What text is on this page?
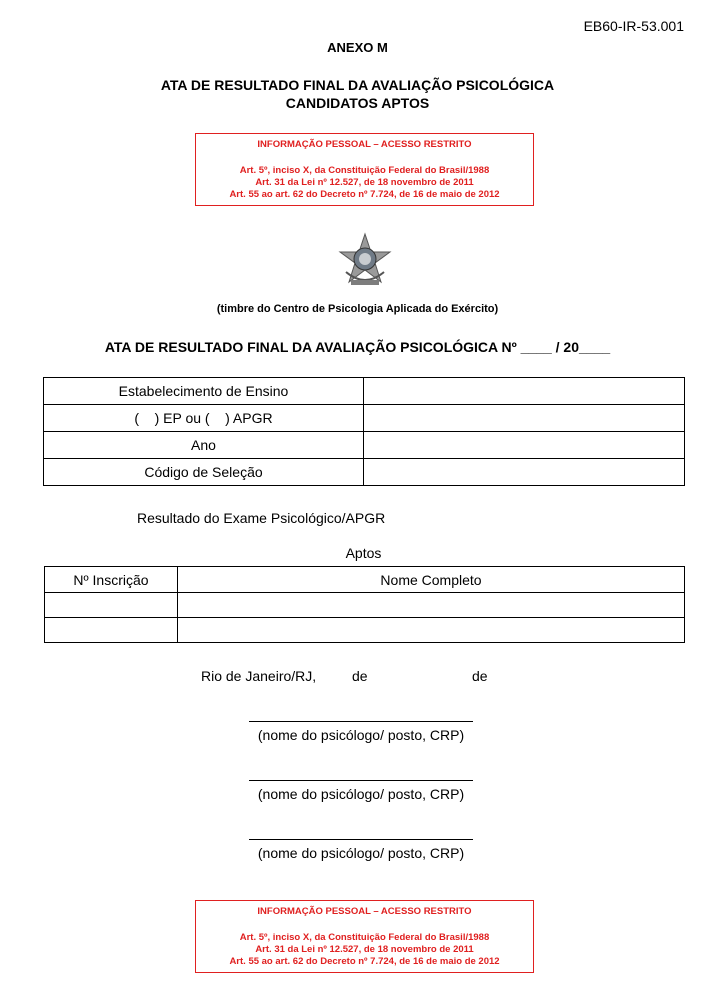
EB60-IR-53.001
ANEXO M
ATA DE RESULTADO FINAL DA AVALIAÇÃO PSICOLÓGICA
CANDIDATOS APTOS
INFORMAÇÃO PESSOAL – ACESSO RESTRITO
Art. 5º, inciso X, da Constituição Federal do Brasil/1988
Art. 31 da Lei nº 12.527, de 18 novembro de 2011
Art. 55 ao art. 62 do Decreto nº 7.724, de 16 de maio de 2012
(timbre do Centro de Psicologia Aplicada do Exército)
ATA DE RESULTADO FINAL DA AVALIAÇÃO PSICOLÓGICA Nº ____ / 20____
Estabelecimento de Ensino	
(    ) EP ou (    ) APGR	
Ano	
Código de Seleção	
Resultado do Exame Psicológico/APGR
Aptos
Nº Inscrição	Nome Completo

Rio de Janeiro/RJ,	de	de
(nome do psicólogo/ posto, CRP)
(nome do psicólogo/ posto, CRP)
(nome do psicólogo/ posto, CRP)
INFORMAÇÃO PESSOAL – ACESSO RESTRITO
Art. 5º, inciso X, da Constituição Federal do Brasil/1988
Art. 31 da Lei nº 12.527, de 18 novembro de 2011
Art. 55 ao art. 62 do Decreto nº 7.724, de 16 de maio de 2012
